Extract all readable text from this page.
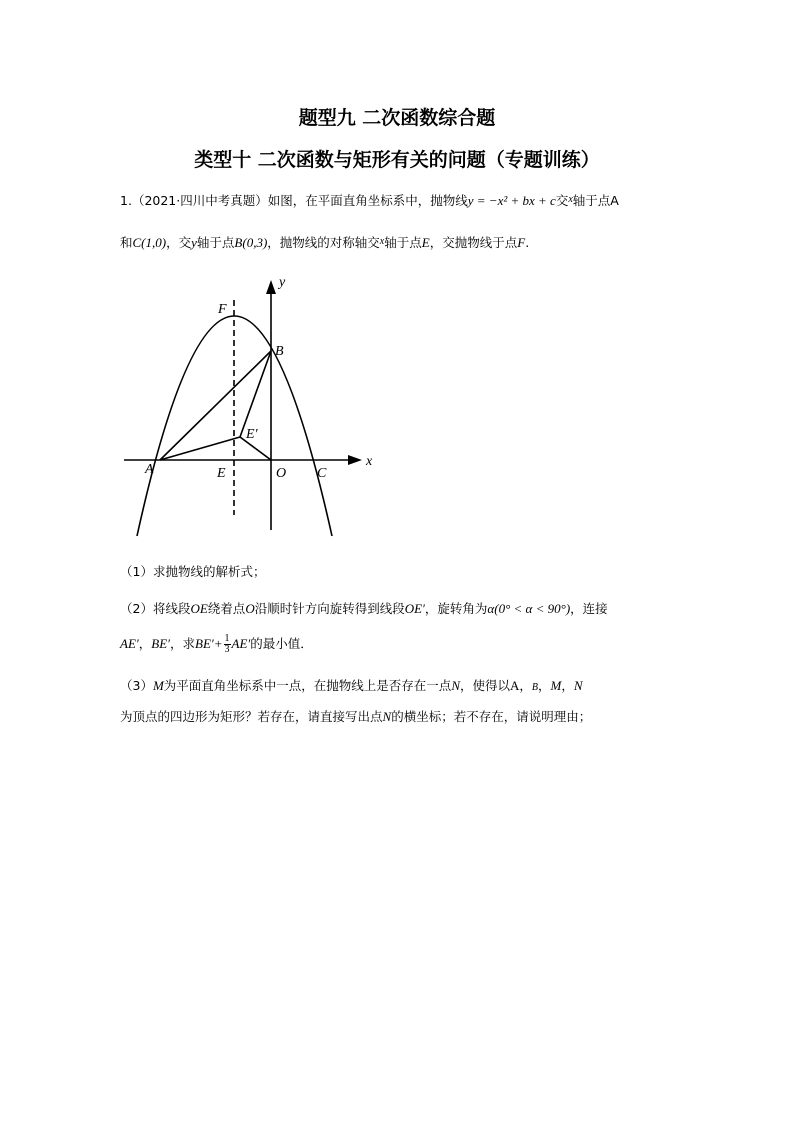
题型九 二次函数综合题
类型十 二次函数与矩形有关的问题（专题训练）
1.（2021·四川中考真题）如图，在平面直角坐标系中，抛物线y = −x² + bx + c交$^x$轴于点A
和C(1,0)，交y轴于点B(0,3)，抛物线的对称轴交$^x$轴于点E，交抛物线于点F.
y
x
F
B
E′
A	E	O C
（1）求抛物线的解析式；
（2）将线段OE绕着点O沿顺时针方向旋转得到线段OE′，旋转角为α(0° < α < 90°)，连接
AE′，BE′，求$BE'+ \frac{1}{3} AE'$的最小值．
（3）M为平面直角坐标系中一点，在抛物线上是否存在一点N，使得以A，B，M，N
为顶点的四边形为矩形？若存在，请直接写出点N的横坐标；若不存在，请说明理由；
